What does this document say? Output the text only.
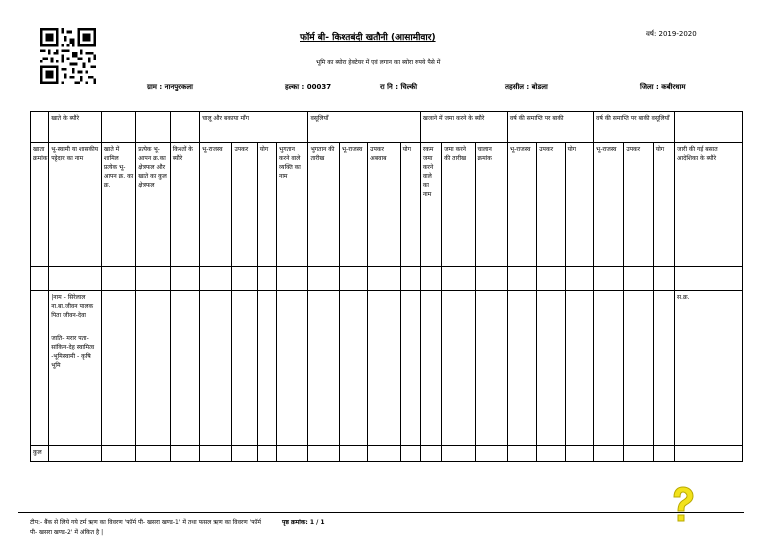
फॉर्म बी- किश्तबंदी खतौनी (आसामीवार)	वर्ष: 2019-2020
भूमि का ब्योरा हेक्टेयर में एवं लगान का ब्योरा रुपये पैसे में
ग्राम : नानपुरकला	हल्का : 00037	रा नि : चिल्की	तहसील : बोडला	जिला : कबीरधाम
	खाते के ब्यौरे				चालू और बकाया माँग				वसूलियाँ				खजाने में जमा करने के ब्यौरे			वर्ष की समाप्ति पर बाकी			वर्ष की समाप्ति पर बाकी वसूलियाँ			
खाता क्रमांक	भू-स्वामी या शासकीय पट्टेदार का नाम	खाते में शामिल प्रत्येक भू-आपन क्र. का क्र.	प्रत्येक भू-आपन क्र.का क्षेत्रफल और खाते का कुल क्षेत्रफल	किश्तों के ब्यौरे	भू-राजस्व	उपकर	योग	भुगतान करने वाले व्यक्ति का नाम	भुगतान की तारीख	भू-राजस्व	उपकर अबवाब	योग	रकम जमा करने वाले का नाम	जमा करने की तारीख	चालान क्रमांक	भू-राजस्व	उपकर	योग	भू-राजस्व	उपकर	योग	जारी की गई बसात आदेशिका के ब्यौरे

	|नाम - सिरेलाल ना.बा.जीवन पालक पिता जीवन-देवा
जाति- मरार पता- सांकिन-देह स्वामित्व -भूमिस्वामी - कृषि भूमि																					स.क्र.
कुल																						
टीप:- बैंक से लिये गये टर्म ऋण का विवरण 'फॉर्म पी- खसरा खण्ड-1' में तथा फसल ऋण का विवरण 'फॉर्म पी- खसरा खण्ड-2' में अंकित है |
पृष्ठ क्रमांक: 1 / 1
